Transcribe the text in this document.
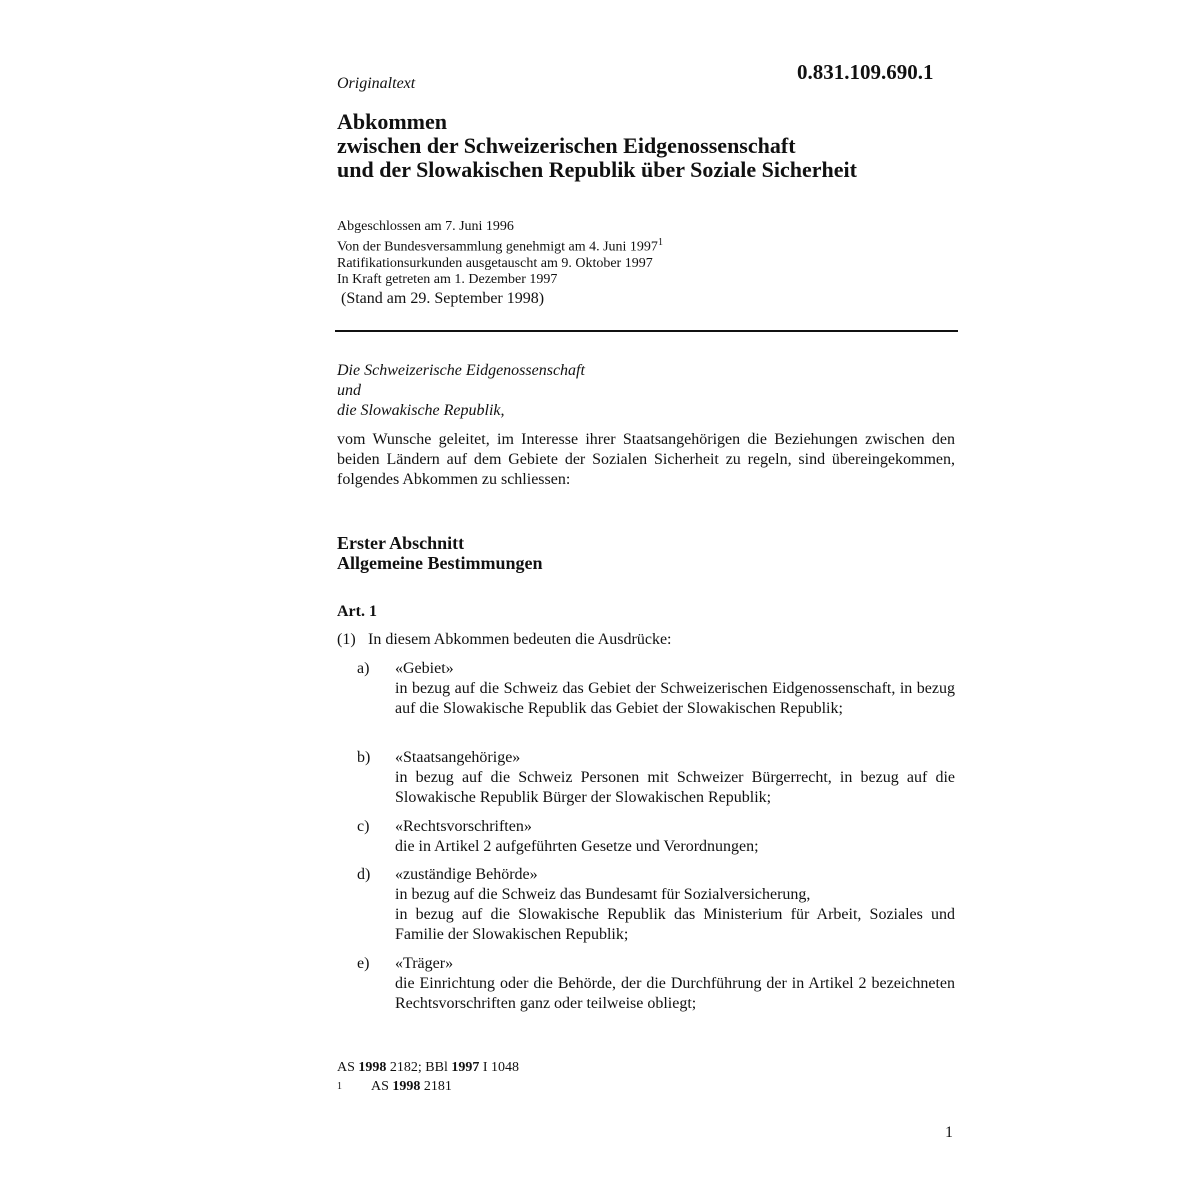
0.831.109.690.1
Originaltext
Abkommen
zwischen der Schweizerischen Eidgenossenschaft
und der Slowakischen Republik über Soziale Sicherheit
Abgeschlossen am 7. Juni 1996
Von der Bundesversammlung genehmigt am 4. Juni 1997$^1$
Ratifikationsurkunden ausgetauscht am 9. Oktober 1997
In Kraft getreten am 1. Dezember 1997
(Stand am 29. September 1998)
Die Schweizerische Eidgenossenschaft
und
die Slowakische Republik,
vom Wunsche geleitet, im Interesse ihrer Staatsangehörigen die Beziehungen zwischen den beiden Ländern auf dem Gebiete der Sozialen Sicherheit zu regeln, sind übereingekommen, folgendes Abkommen zu schliessen:
Erster Abschnitt
Allgemeine Bestimmungen
Art. 1
(1) In diesem Abkommen bedeuten die Ausdrücke:
a) «Gebiet»
in bezug auf die Schweiz das Gebiet der Schweizerischen Eidgenossenschaft, in bezug auf die Slowakische Republik das Gebiet der Slowakischen Republik;
b) «Staatsangehörige»
in bezug auf die Schweiz Personen mit Schweizer Bürgerrecht, in bezug auf die Slowakische Republik Bürger der Slowakischen Republik;
c) «Rechtsvorschriften»
die in Artikel 2 aufgeführten Gesetze und Verordnungen;
d) «zuständige Behörde»
in bezug auf die Schweiz das Bundesamt für Sozialversicherung,
in bezug auf die Slowakische Republik das Ministerium für Arbeit, Soziales und Familie der Slowakischen Republik;
e) «Träger»
die Einrichtung oder die Behörde, der die Durchführung der in Artikel 2 bezeichneten Rechtsvorschriften ganz oder teilweise obliegt;
AS 1998 2182; BBl 1997 I 1048
1 AS 1998 2181
1
